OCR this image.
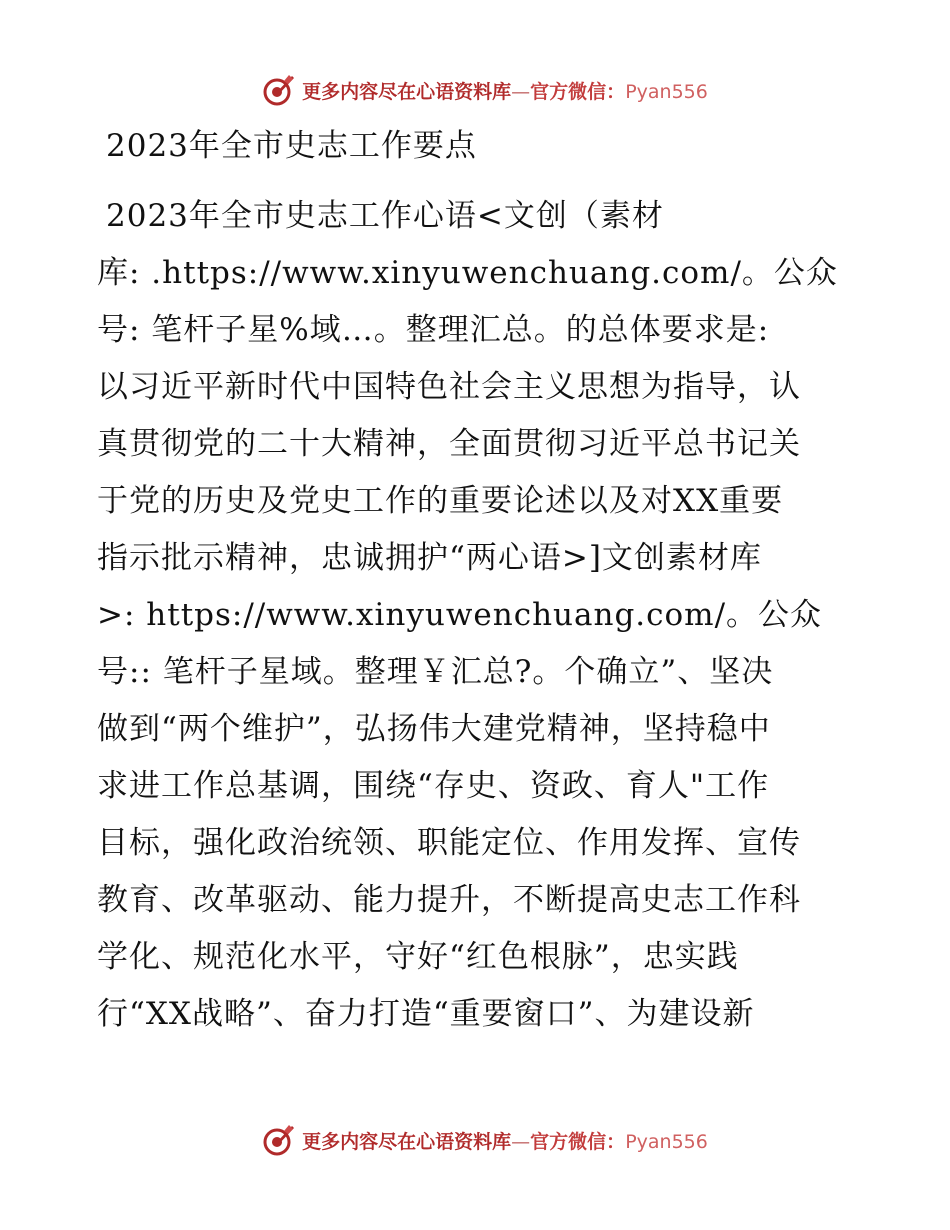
更多内容尽在心语资料库—官方微信：Pyan556
2023年全市史志工作要点
2023年全市史志工作心语<文创（素材
库: .https://www.xinyuwenchuang.com/。公众
号: 笔杆子星%域…。整理汇总。的总体要求是:
以习近平新时代中国特色社会主义思想为指导，认
真贯彻党的二十大精神，全面贯彻习近平总书记关
于党的历史及党史工作的重要论述以及对XX重要
指示批示精神，忠诚拥护“两心语>]文创素材库
>: https://www.xinyuwenchuang.com/。公众
号:: 笔杆子星域。整理￥汇总?。个确立”、坚决
做到“两个维护”，弘扬伟大建党精神，坚持稳中
求进工作总基调，围绕“存史、资政、育人"工作
目标，强化政治统领、职能定位、作用发挥、宣传
教育、改革驱动、能力提升，不断提高史志工作科
学化、规范化水平，守好“红色根脉”，忠实践
行“XX战略”、奋力打造“重要窗口”、为建设新
更多内容尽在心语资料库—官方微信：Pyan556
